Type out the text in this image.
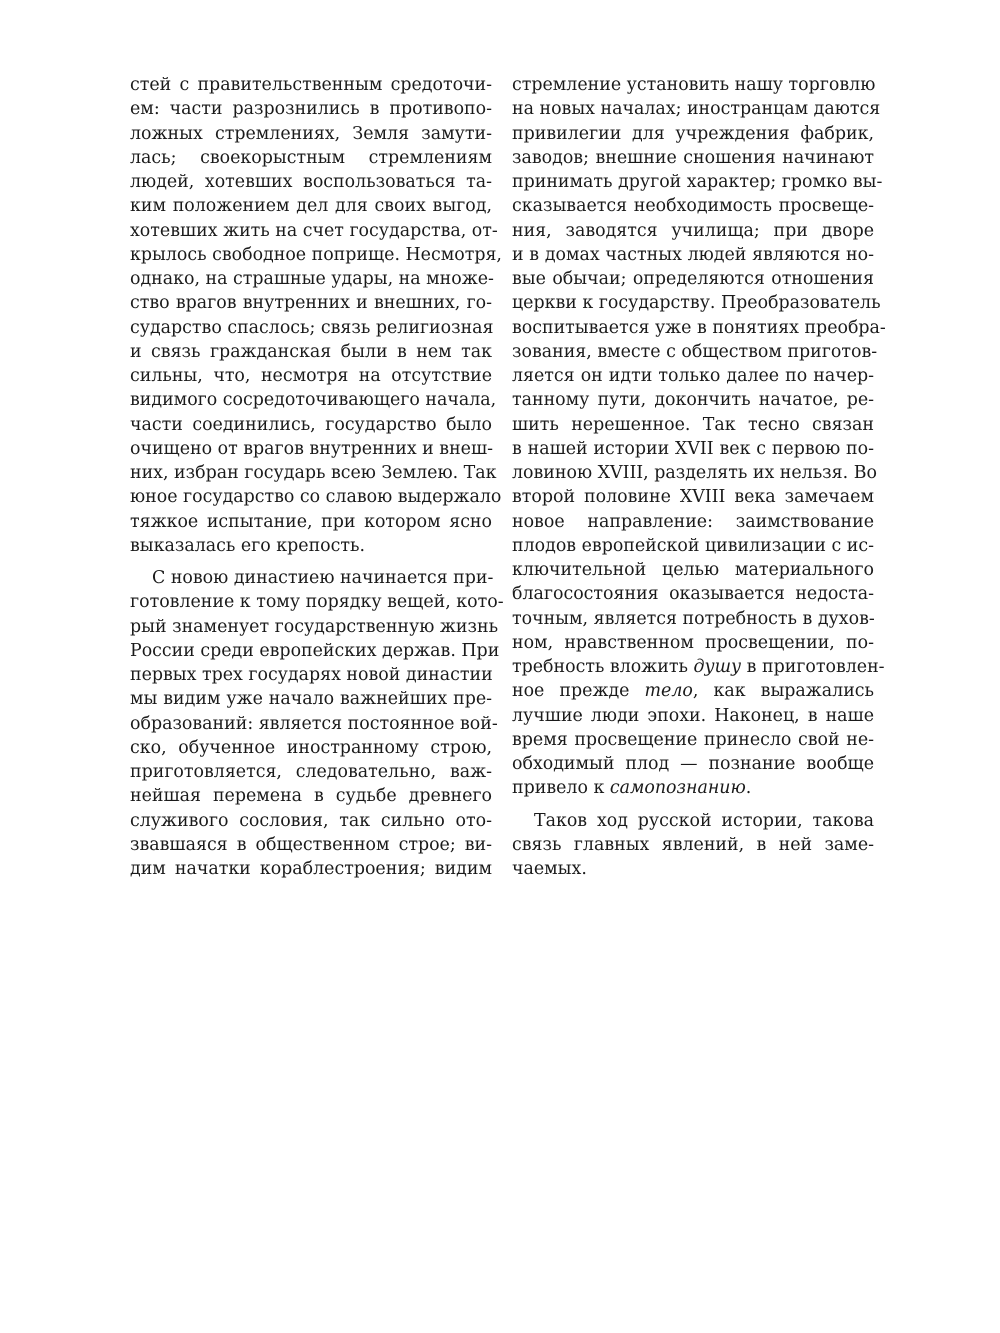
стей с правительственным средоточи-
ем: части разрознились в противопо-
ложных стремлениях, Земля замути-
лась; своекорыстным стремлениям
людей, хотевших воспользоваться та-
ким положением дел для своих выгод,
хотевших жить на счет государства, от-
крылось свободное поприще. Несмотря,
однако, на страшные удары, на множе-
ство врагов внутренних и внешних, го-
сударство спаслось; связь религиозная
и связь гражданская были в нем так
сильны, что, несмотря на отсутствие
видимого сосредоточивающего начала,
части соединились, государство было
очищено от врагов внутренних и внеш-
них, избран государь всею Землею. Так
юное государство со славою выдержало
тяжкое испытание, при котором ясно
выказалась его крепость.
С новою династиею начинается при-
готовление к тому порядку вещей, кото-
рый знаменует государственную жизнь
России среди европейских держав. При
первых трех государях новой династии
мы видим уже начало важнейших пре-
образований: является постоянное вой-
ско, обученное иностранному строю,
приготовляется, следовательно, важ-
нейшая перемена в судьбе древнего
служивого сословия, так сильно ото-
звавшаяся в общественном строе; ви-
дим начатки кораблестроения; видим
стремление установить нашу торговлю
на новых началах; иностранцам даются
привилегии для учреждения фабрик,
заводов; внешние сношения начинают
принимать другой характер; громко вы-
сказывается необходимость просвеще-
ния, заводятся училища; при дворе
и в домах частных людей являются но-
вые обычаи; определяются отношения
церкви к государству. Преобразователь
воспитывается уже в понятиях преобра-
зования, вместе с обществом приготов-
ляется он идти только далее по начер-
танному пути, докончить начатое, ре-
шить нерешенное. Так тесно связан
в нашей истории XVII век с первою по-
ловиною XVIII, разделять их нельзя. Во
второй половине XVIII века замечаем
новое направление: заимствование
плодов европейской цивилизации с ис-
ключительной целью материального
благосостояния оказывается недоста-
точным, является потребность в духов-
ном, нравственном просвещении, по-
требность вложить душу в приготовлен-
ное прежде тело, как выражались
лучшие люди эпохи. Наконец, в наше
время просвещение принесло свой не-
обходимый плод — познание вообще
привело к самопознанию.
Таков ход русской истории, такова
связь главных явлений, в ней заме-
чаемых.
